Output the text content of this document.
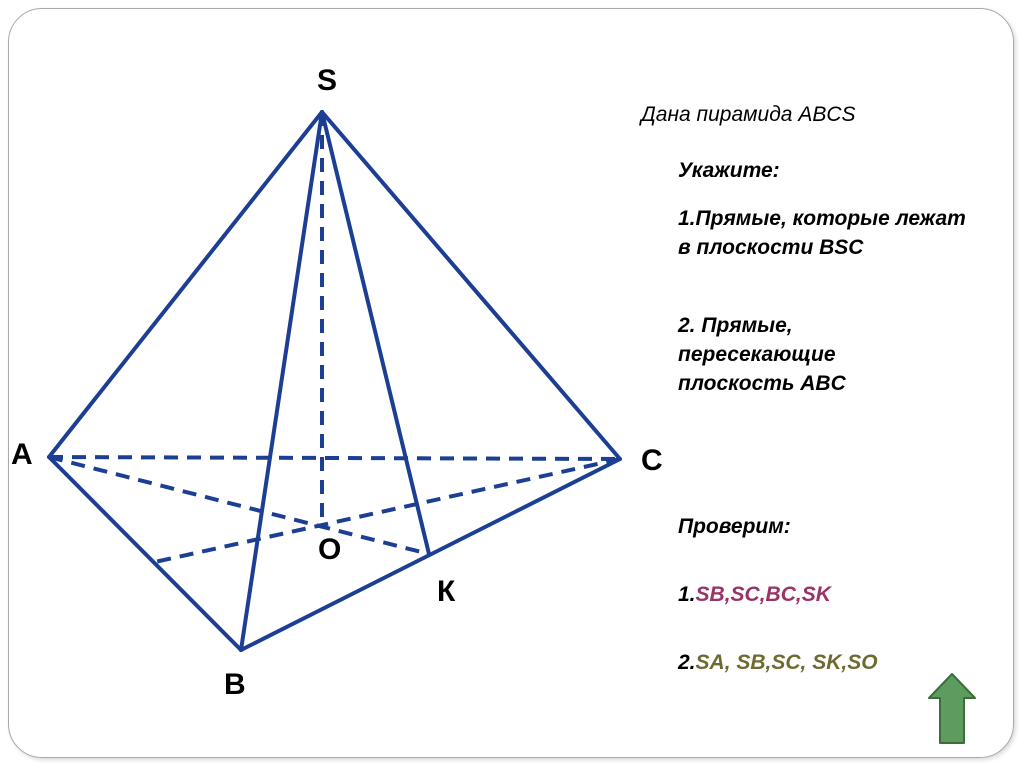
S
A	C
O
К
B

Дана пирамида ABCS

Укажите:

1.Прямые, которые лежат в плоскости BSC

2. Прямые, пересекающие плоскость ABC

Проверим:

1.SB,SC,BC,SK

2.SA, SB,SC, SK,SO
